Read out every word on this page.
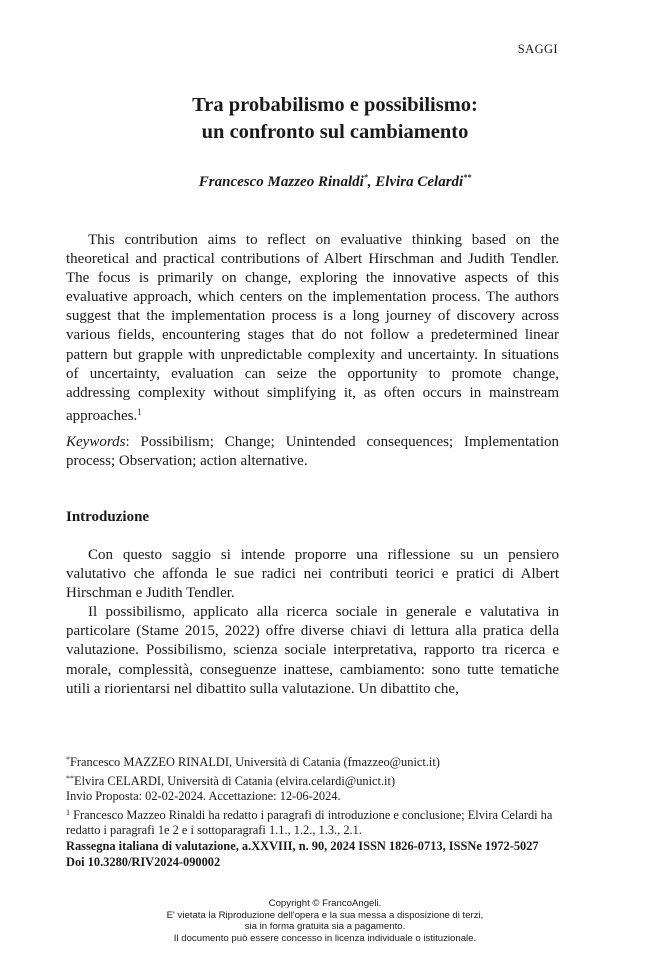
SAGGI
Tra probabilismo e possibilismo:
un confronto sul cambiamento
Francesco Mazzeo Rinaldi*, Elvira Celardi**
This contribution aims to reflect on evaluative thinking based on the theoretical and practical contributions of Albert Hirschman and Judith Tendler. The focus is primarily on change, exploring the innovative aspects of this evaluative approach, which centers on the implementation process. The authors suggest that the implementation process is a long journey of discovery across various fields, encountering stages that do not follow a predetermined linear pattern but grapple with unpredictable complexity and uncertainty. In situations of uncertainty, evaluation can seize the opportunity to promote change, addressing complexity without simplifying it, as often occurs in mainstream approaches.$^1$
Keywords: Possibilism; Change; Unintended consequences; Implementation process; Observation; action alternative.
Introduzione

Con questo saggio si intende proporre una riflessione su un pensiero valutativo che affonda le sue radici nei contributi teorici e pratici di Albert Hirschman e Judith Tendler.

Il possibilismo, applicato alla ricerca sociale in generale e valutativa in particolare (Stame 2015, 2022) offre diverse chiavi di lettura alla pratica della valutazione. Possibilismo, scienza sociale interpretativa, rapporto tra ricerca e morale, complessità, conseguenze inattese, cambiamento: sono tutte tematiche utili a riorientarsi nel dibattito sulla valutazione. Un dibattito che,

*Francesco MAZZEO RINALDI, Università di Catania (fmazzeo@unict.it)
**Elvira CELARDI, Università di Catania (elvira.celardi@unict.it)
Invio Proposta: 02-02-2024. Accettazione: 12-06-2024.
$^1$ Francesco Mazzeo Rinaldi ha redatto i paragrafi di introduzione e conclusione; Elvira Celardi ha redatto i paragrafi 1e 2 e i sottoparagrafi 1.1., 1.2., 1.3., 2.1.
Rassegna italiana di valutazione, a.XXVIII, n. 90, 2024 ISSN 1826-0713, ISSNe 1972-5027
Doi 10.3280/RIV2024-090002
Copyright © FrancoAngeli.
E' vietata la Riproduzione dell'opera e la sua messa a disposizione di terzi,
sia in forma gratuita sia a pagamento.
Il documento può essere concesso in licenza individuale o istituzionale.
